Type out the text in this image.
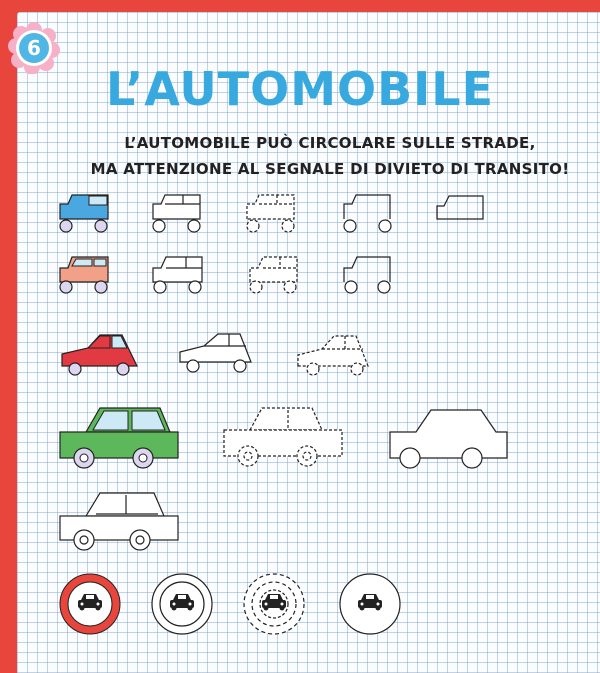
6
L’AUTOMOBILE
L’AUTOMOBILE PUÒ CIRCOLARE SULLE STRADE,
MA ATTENZIONE AL SEGNALE DI DIVIETO DI TRANSITO!
